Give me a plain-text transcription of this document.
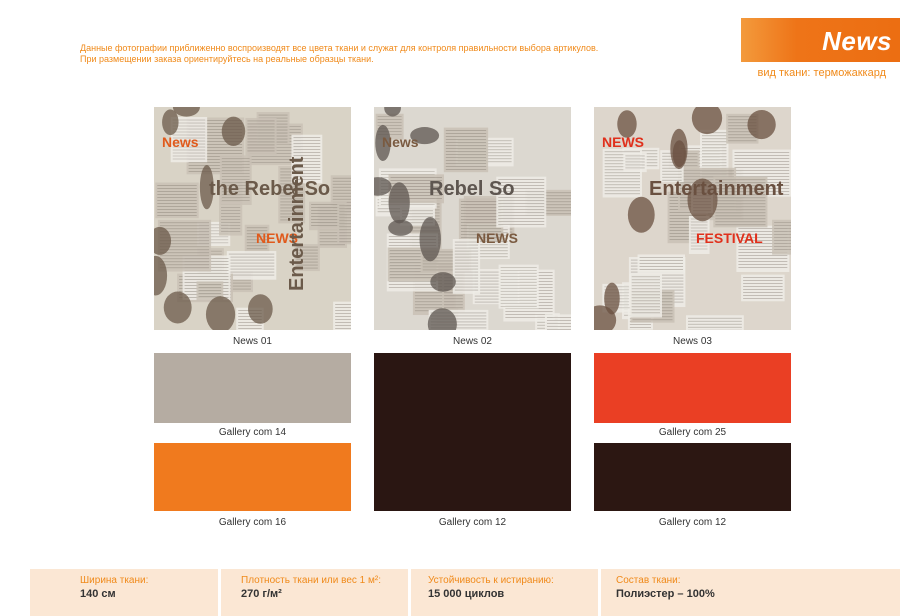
Данные фотографии приближенно воспроизводят все цвета ткани и служат для контроля правильности выбора артикулов.
При размещении заказа ориентируйтесь на реальные образцы ткани.
News
вид ткани: терможаккард
News
the Rebel So
NEWS
Entertainment
News
Rebel So
NEWS
NEWS
Entertainment
FESTIVAL
News 01	News 02	News 03
Gallery com 14
Gallery com 16	Gallery com 12
Gallery com 25
Gallery com 12
Ширина ткани:
140 см
Плотность ткани или вес 1 м²:
270 г/м²
Устойчивость к истиранию:
15 000 циклов
Состав ткани:
Полиэстер – 100%
